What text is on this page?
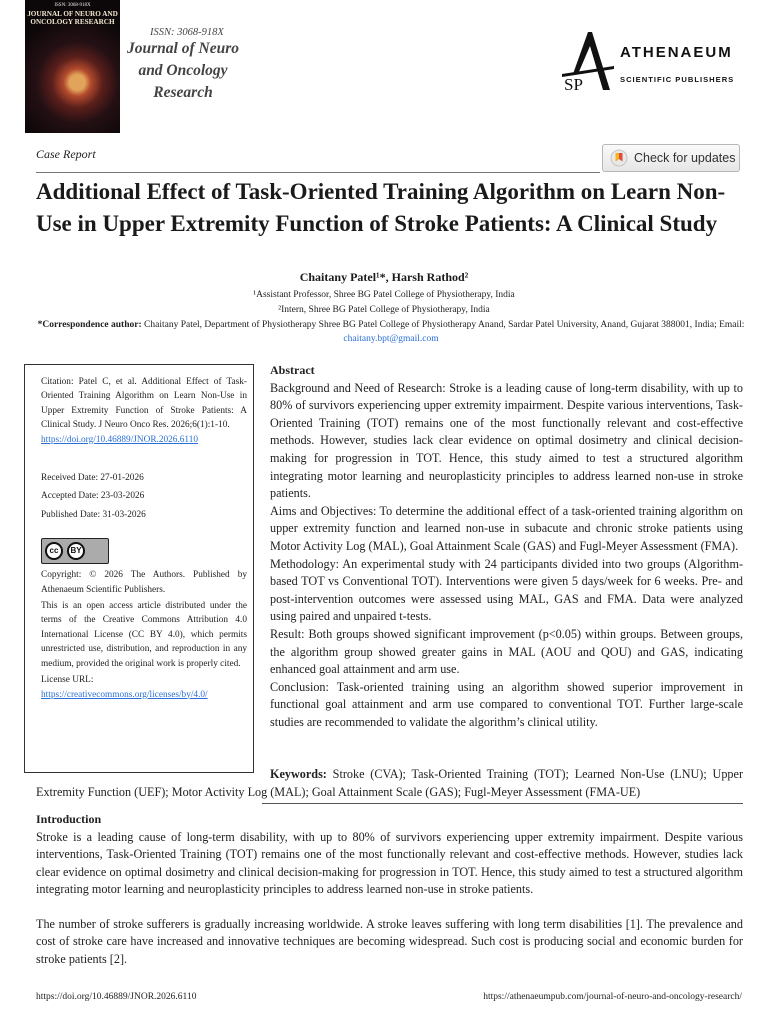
ISSN: 3068-918X
JOURNAL OF NEURO AND ONCOLOGY RESEARCH
ISSN: 3068-918X
Journal of Neuro
and Oncology
Research	SP
ATHENAEUM
SCIENTIFIC PUBLISHERS
Case Report	Check for updates
Additional Effect of Task-Oriented Training Algorithm on Learn Non-Use in Upper Extremity Function of Stroke Patients: A Clinical Study
Chaitany Patel¹*, Harsh Rathod²
¹Assistant Professor, Shree BG Patel College of Physiotherapy, India
²Intern, Shree BG Patel College of Physiotherapy, India
*Correspondence author: Chaitany Patel, Department of Physiotherapy Shree BG Patel College of Physiotherapy Anand, Sardar Patel University, Anand, Gujarat 388001, India; Email: chaitany.bpt@gmail.com

Citation: Patel C, et al. Additional Effect of Task-Oriented Training Algorithm on Learn Non-Use in Upper Extremity Function of Stroke Patients: A Clinical Study. J Neuro Onco Res. 2026;6(1):1-10.

https://doi.org/10.46889/JNOR.2026.6110

Received Date: 27-01-2026

Accepted Date: 23-03-2026

Published Date: 31-03-2026

cc	BY

Copyright: © 2026 The Authors. Published by Athenaeum Scientific Publishers.

This is an open access article distributed under the terms of the Creative Commons Attribution 4.0 International License (CC BY 4.0), which permits unrestricted use, distribution, and reproduction in any medium, provided the original work is properly cited.

License URL:

https://creativecommons.org/licenses/by/4.0/

Abstract

Background and Need of Research: Stroke is a leading cause of long-term disability, with up to 80% of survivors experiencing upper extremity impairment. Despite various interventions, Task-Oriented Training (TOT) remains one of the most functionally relevant and cost-effective methods. However, studies lack clear evidence on optimal dosimetry and clinical decision-making for progression in TOT. Hence, this study aimed to test a structured algorithm integrating motor learning and neuroplasticity principles to address learned non-use in stroke patients.

Aims and Objectives: To determine the additional effect of a task-oriented training algorithm on upper extremity function and learned non-use in subacute and chronic stroke patients using Motor Activity Log (MAL), Goal Attainment Scale (GAS) and Fugl-Meyer Assessment (FMA).

Methodology: An experimental study with 24 participants divided into two groups (Algorithm-based TOT vs Conventional TOT). Interventions were given 5 days/week for 6 weeks. Pre- and post-intervention outcomes were assessed using MAL, GAS and FMA. Data were analyzed using paired and unpaired t-tests.

Result: Both groups showed significant improvement (p<0.05) within groups. Between groups, the algorithm group showed greater gains in MAL (AOU and QOU) and GAS, indicating enhanced goal attainment and arm use.

Conclusion: Task-oriented training using an algorithm showed superior improvement in functional goal attainment and arm use compared to conventional TOT. Further large-scale studies are recommended to validate the algorithm’s clinical utility.

Keywords: Stroke (CVA); Task-Oriented Training (TOT); Learned Non-Use (LNU); Upper Extremity Function (UEF); Motor Activity Log (MAL); Goal Attainment Scale (GAS); Fugl-Meyer Assessment (FMA-UE)
Introduction

Stroke is a leading cause of long-term disability, with up to 80% of survivors experiencing upper extremity impairment. Despite various interventions, Task-Oriented Training (TOT) remains one of the most functionally relevant and cost-effective methods. However, studies lack clear evidence on optimal dosimetry and clinical decision-making for progression in TOT. Hence, this study aimed to test a structured algorithm integrating motor learning and neuroplasticity principles to address learned non-use in stroke patients.

The number of stroke sufferers is gradually increasing worldwide. A stroke leaves suffering with long term disabilities [1]. The prevalence and cost of stroke care have increased and innovative techniques are becoming widespread. Such cost is producing social and economic burden for stroke patients [2].

https://doi.org/10.46889/JNOR.2026.6110	https://athenaeumpub.com/journal-of-neuro-and-oncology-research/
